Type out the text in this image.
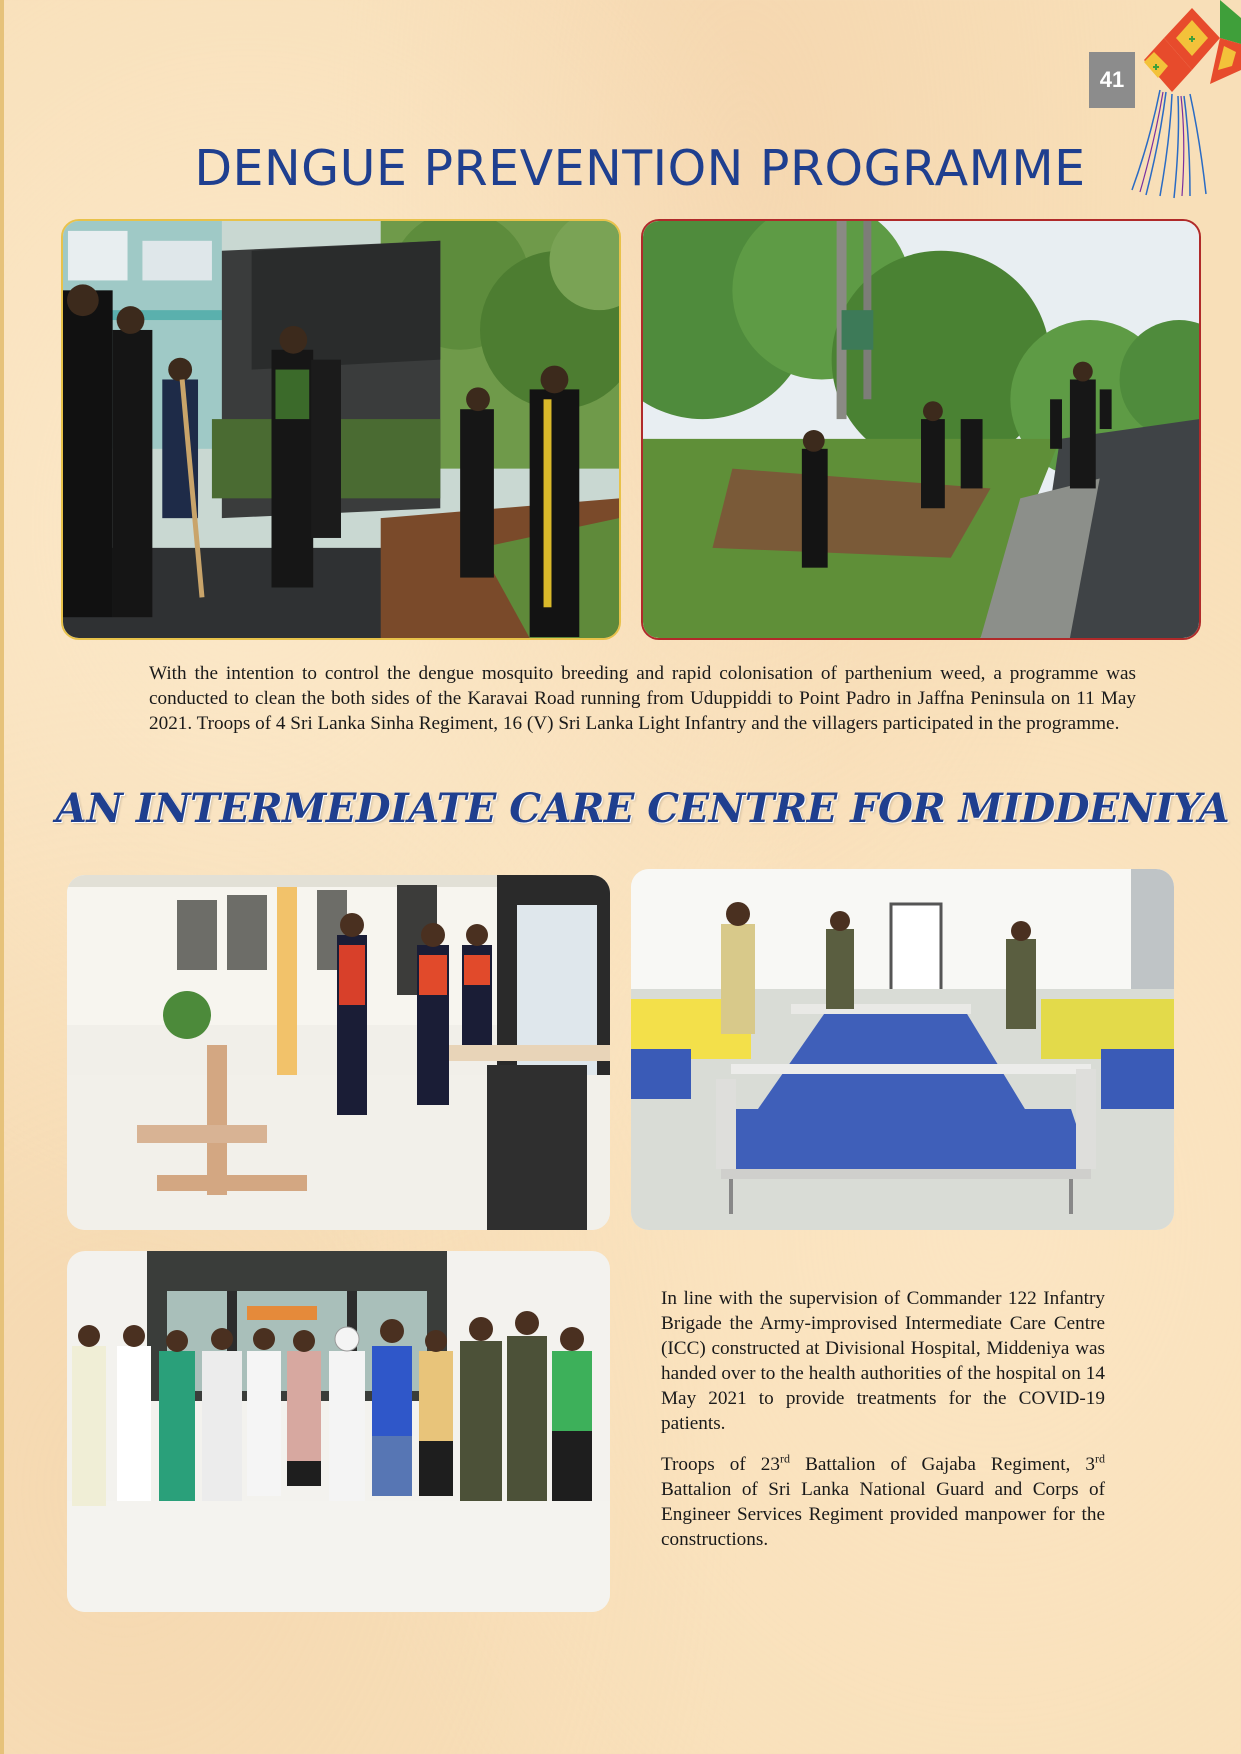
41
DENGUE PREVENTION PROGRAMME

With the intention to control the dengue mosquito breeding and rapid colonisation of parthenium weed, a programme was conducted to clean the both sides of the Karavai Road running from Uduppiddi to Point Padro in Jaffna Peninsula on 11 May 2021. Troops of 4 Sri Lanka Sinha Regiment, 16 (V) Sri Lanka Light Infantry and the villagers participated in the programme.

AN INTERMEDIATE CARE CENTRE FOR MIDDENIYA

In line with the supervision of Commander 122 Infantry Brigade the Army-improvised Intermediate Care Centre (ICC) constructed at Divisional Hospital, Middeniya was handed over to the health authorities of the hospital on 14 May 2021 to provide treatments for the COVID-19 patients.

Troops of 23rd Battalion of Gajaba Regiment, 3rd Battalion of Sri Lanka National Guard and Corps of Engineer Services Regiment provided manpower for the constructions.
